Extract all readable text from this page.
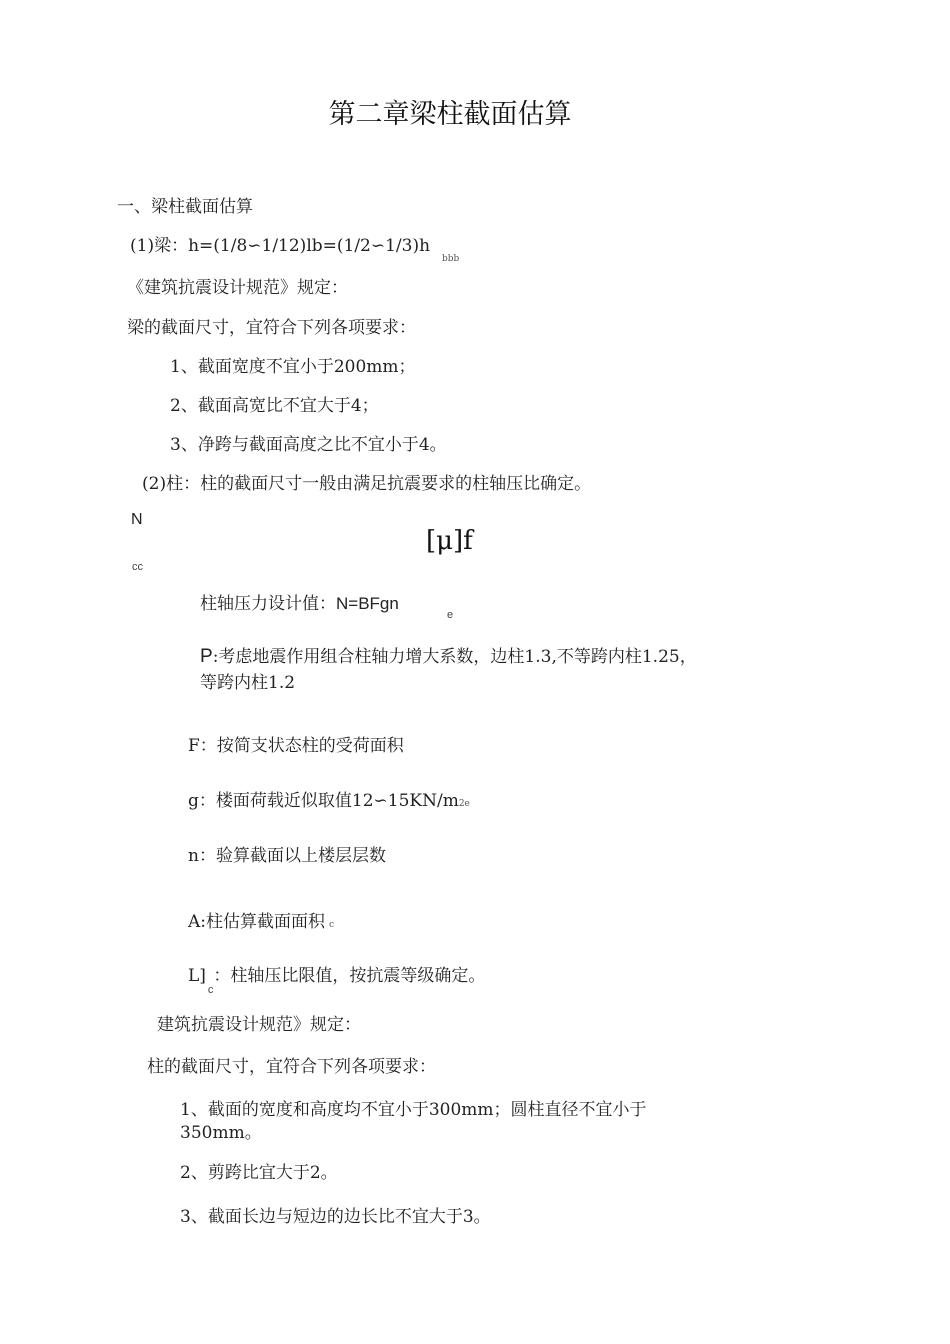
第二章梁柱截面估算
一、梁柱截面估算
(1)梁：h=(1/8∽1/12)lb=(1/2∽1/3)h
bbb
《建筑抗震设计规范》规定：
梁的截面尺寸，宜符合下列各项要求：
1、截面宽度不宜小于200mm；
2、截面高宽比不宜大于4；
3、净跨与截面高度之比不宜小于4。
(2)柱：柱的截面尺寸一般由满足抗震要求的柱轴压比确定。
N
[μ]f
cc
柱轴压力设计值：N=BFgn
e
P:考虑地震作用组合柱轴力增大系数，边柱1.3,不等跨内柱1.25，
等跨内柱1.2
F：按简支状态柱的受荷面积
g：楼面荷载近似取值12∽15KN/m2e
n：验算截面以上楼层层数
A:柱估算截面面积 c
$L]_c$：柱轴压比限值，按抗震等级确定。
建筑抗震设计规范》规定：
柱的截面尺寸，宜符合下列各项要求：
1、截面的宽度和高度均不宜小于300mm；圆柱直径不宜小于
350mm。
2、剪跨比宜大于2。
3、截面长边与短边的边长比不宜大于3。
